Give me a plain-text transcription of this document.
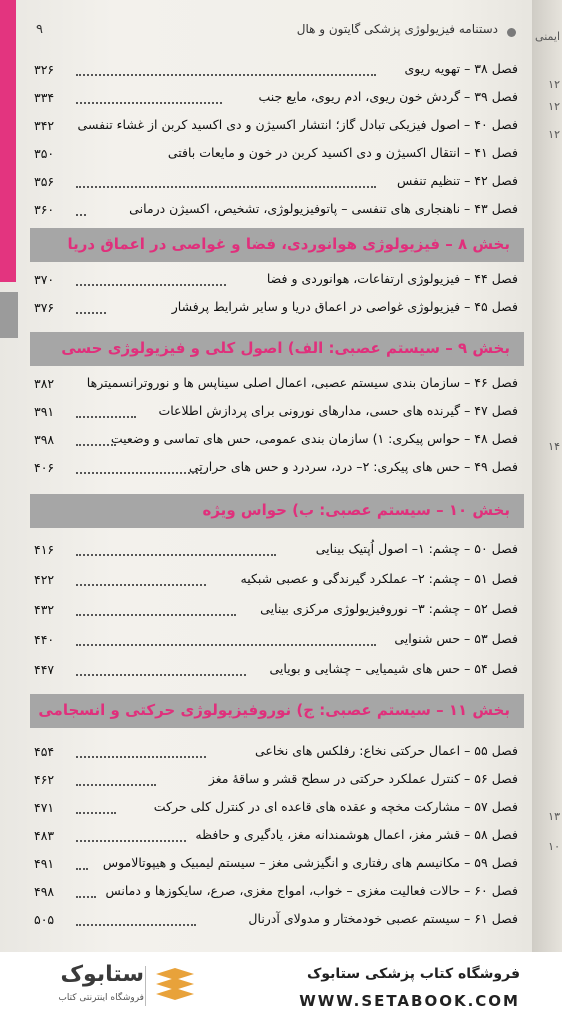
ایمنی
۱۲
۱۲
۱۲
۱۴
۱۳
۱۰
دستنامه فیزیولوژی پزشکی گایتون و هال
۹
فصل ۳۸ – تهویه ریوی
۳۲۶
فصل ۳۹ – گردش خون ریوی، ادم ریوی، مایع جنب
۳۳۴
فصل ۴۰ – اصول فیزیکی تبادل گاز؛ انتشار اکسیژن و دی اکسید کربن از غشاء تنفسی
۳۴۲
فصل ۴۱ – انتقال اکسیژن و دی اکسید کربن در خون و مایعات بافتی
۳۵۰
فصل ۴۲ – تنظیم تنفس
۳۵۶
فصل ۴۳ – ناهنجاری های تنفسی – پاتوفیزیولوژی، تشخیص، اکسیژن درمانی
۳۶۰
بخش ۸ – فیزیولوژی هوانوردی، فضا و غواصی در اعماق دریا
فصل ۴۴ – فیزیولوژی ارتفاعات، هوانوردی و فضا
۳۷۰
فصل ۴۵ – فیزیولوژی غواصی در اعماق دریا و سایر شرایط پرفشار
۳۷۶
بخش ۹ – سیستم عصبی: الف) اصول کلی و فیزیولوژی حسی
فصل ۴۶ – سازمان بندی سیستم عصبی، اعمال اصلی سیناپس ها و نوروترانسمیترها
۳۸۲
فصل ۴۷ – گیرنده های حسی، مدارهای نورونی برای پردازش اطلاعات
۳۹۱
فصل ۴۸ – حواس پیکری: ۱) سازمان بندی عمومی، حس های تماسی و وضعیت
۳۹۸
فصل ۴۹ – حس های پیکری: ۲– درد، سردرد و حس های حرارتی
۴۰۶
بخش ۱۰ – سیستم عصبی: ب) حواس ویژه
فصل ۵۰ – چشم: ۱– اصول اُپتیک بینایی
۴۱۶
فصل ۵۱ – چشم: ۲– عملکرد گیرندگی و عصبی شبکیه
۴۲۲
فصل ۵۲ – چشم: ۳– نوروفیزیولوژی مرکزی بینایی
۴۳۲
فصل ۵۳ – حس شنوایی
۴۴۰
فصل ۵۴ – حس های شیمیایی – چشایی و بویایی
۴۴۷
بخش ۱۱ – سیستم عصبی: ج) نوروفیزیولوژی حرکتی و انسجامی
فصل ۵۵ – اعمال حرکتی نخاع: رفلکس های نخاعی
۴۵۴
فصل ۵۶ – کنترل عملکرد حرکتی در سطح قشر و ساقهٔ مغز
۴۶۲
فصل ۵۷ – مشارکت مخچه و عقده های قاعده ای در کنترل کلی حرکت
۴۷۱
فصل ۵۸ – قشر مغز، اعمال هوشمندانه مغز، یادگیری و حافظه
۴۸۳
فصل ۵۹ – مکانیسم های رفتاری و انگیزشی مغز – سیستم لیمبیک و هیپوتالاموس
۴۹۱
فصل ۶۰ – حالات فعالیت مغزی – خواب، امواج مغزی، صرع، سایکوزها و دمانس
۴۹۸
فصل ۶۱ – سیستم عصبی خودمختار و مدولای آدرنال
۵۰۵
ستابوک
فروشگاه اینترنتی کتاب
فروشگاه کتاب پزشکی ستابوک
WWW.SETABOOK.COM
